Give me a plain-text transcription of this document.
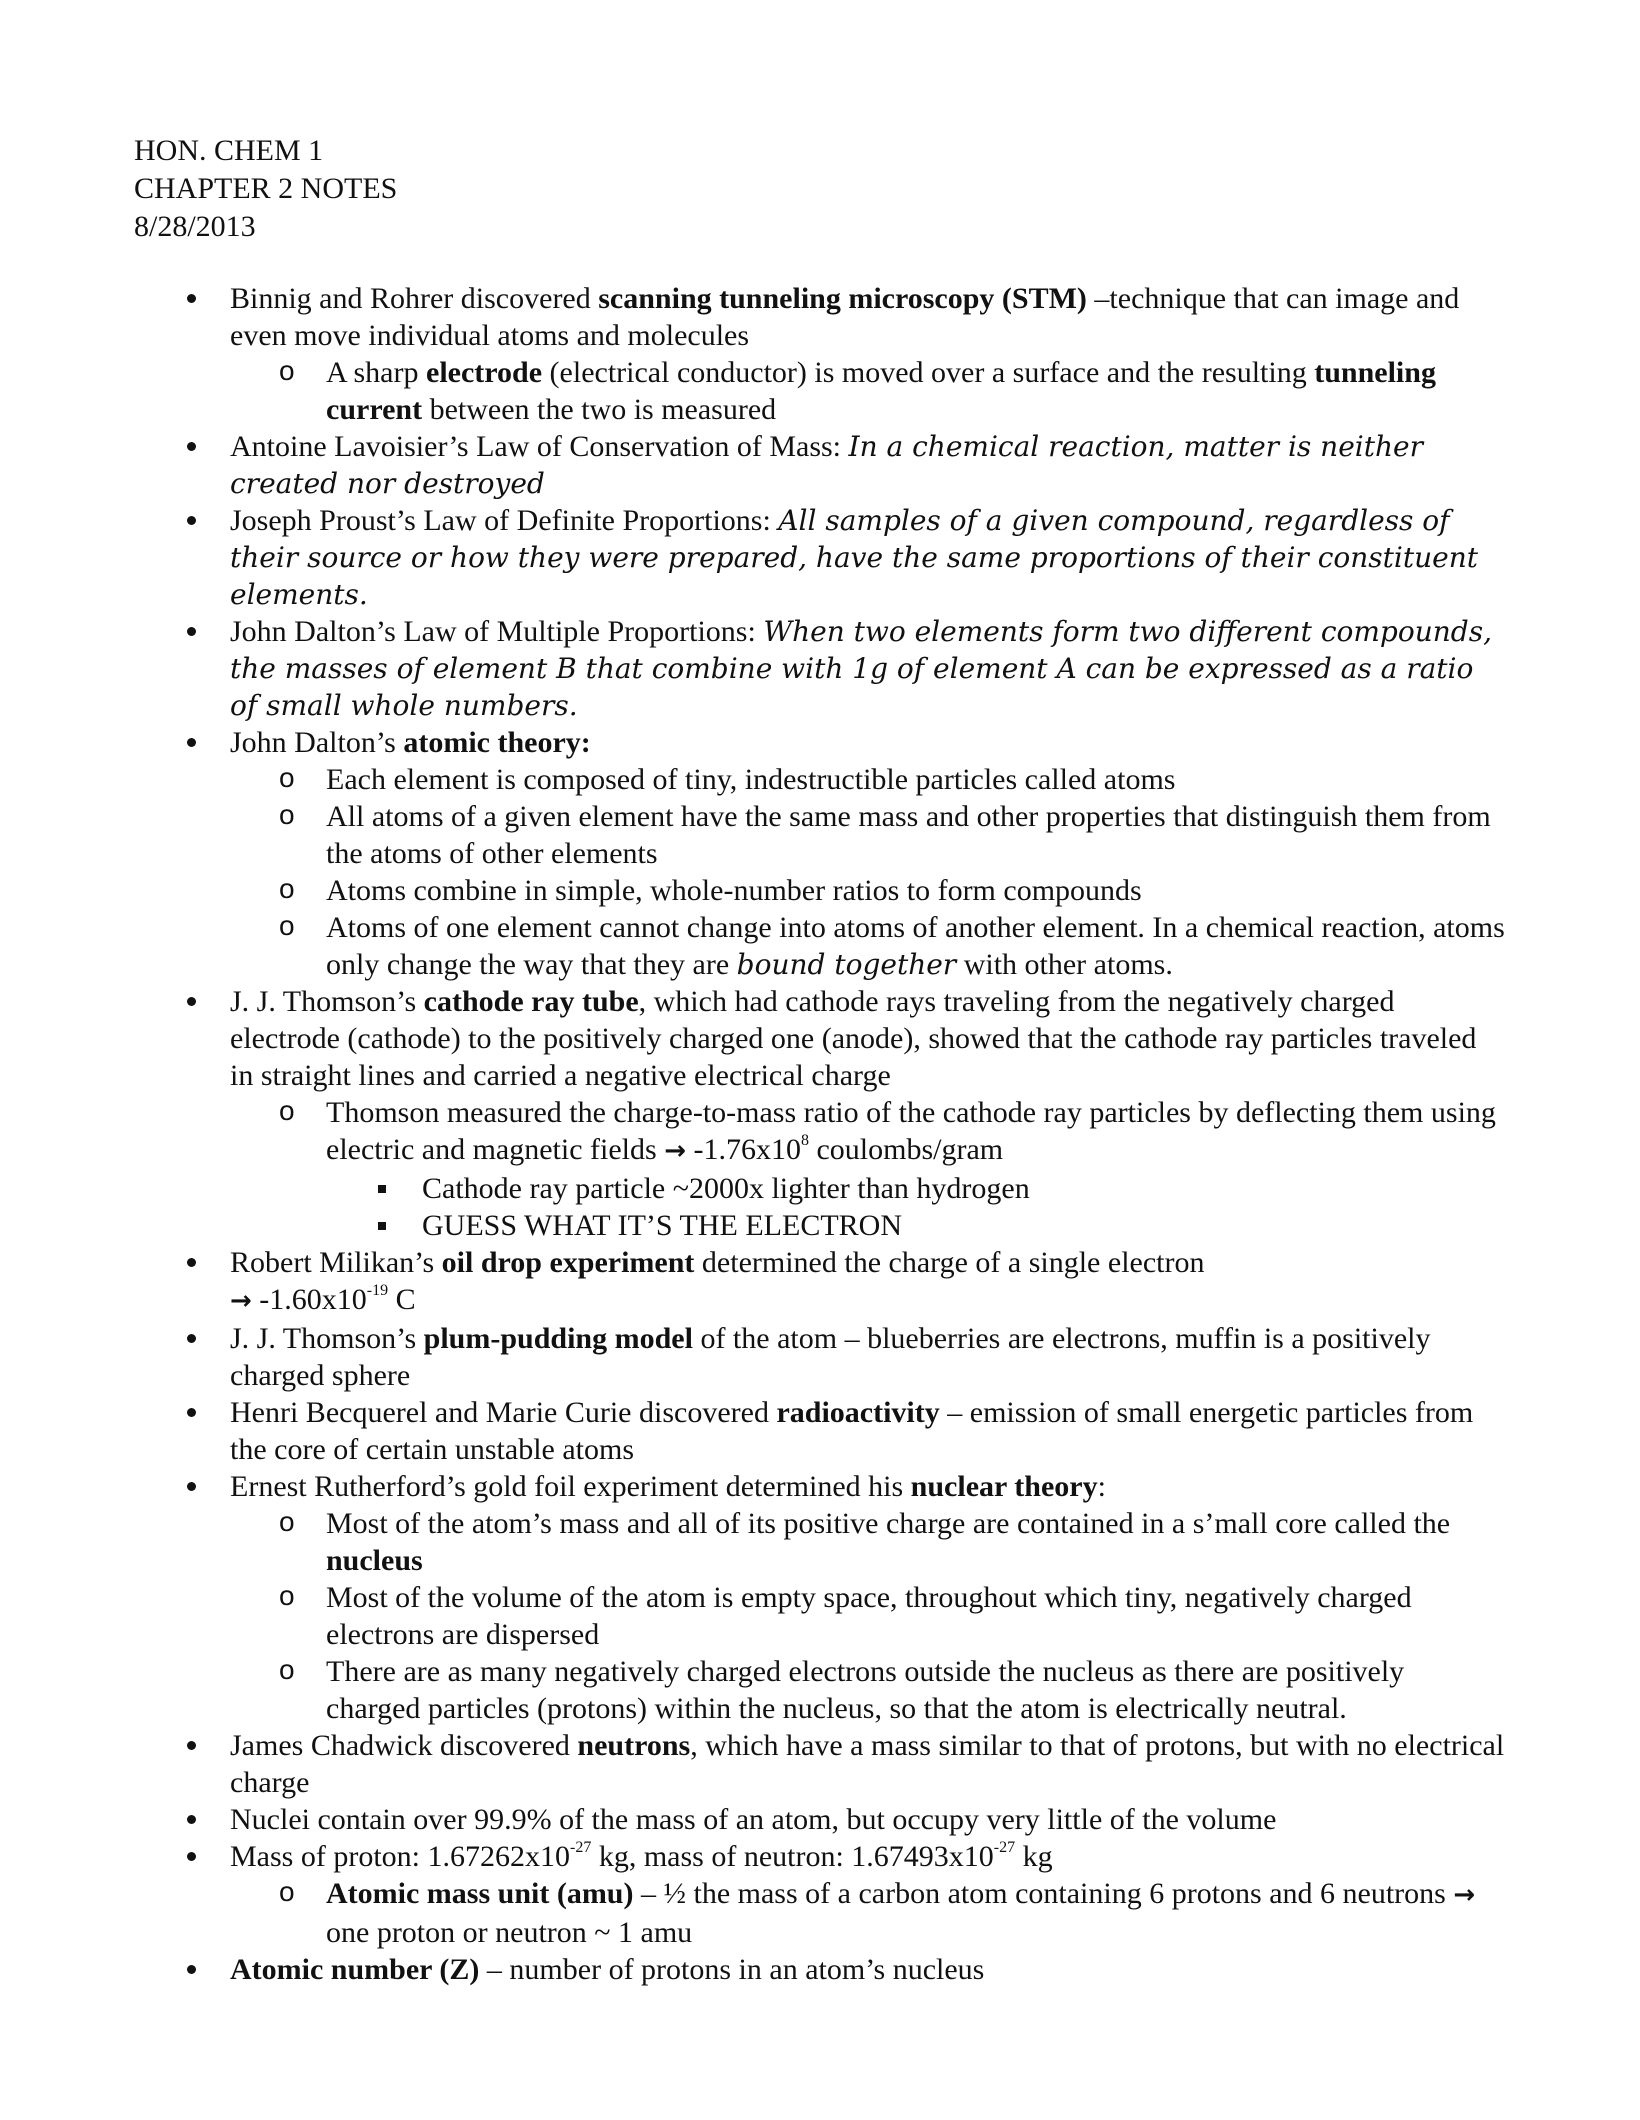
HON. CHEM 1
CHAPTER 2 NOTES
8/28/2013
Binnig and Rohrer discovered scanning tunneling microscopy (STM) –technique that can image and even move individual atoms and molecules
o A sharp electrode (electrical conductor) is moved over a surface and the resulting tunneling current between the two is measured
Antoine Lavoisier’s Law of Conservation of Mass: In a chemical reaction, matter is neither created nor destroyed
Joseph Proust’s Law of Definite Proportions: All samples of a given compound, regardless of their source or how they were prepared, have the same proportions of their constituent elements.
John Dalton’s Law of Multiple Proportions: When two elements form two different compounds, the masses of element B that combine with 1g of element A can be expressed as a ratio of small whole numbers.
John Dalton’s atomic theory:
o Each element is composed of tiny, indestructible particles called atoms
o All atoms of a given element have the same mass and other properties that distinguish them from the atoms of other elements
o Atoms combine in simple, whole-number ratios to form compounds
o Atoms of one element cannot change into atoms of another element. In a chemical reaction, atoms only change the way that they are bound together with other atoms.
J. J. Thomson’s cathode ray tube, which had cathode rays traveling from the negatively charged electrode (cathode) to the positively charged one (anode), showed that the cathode ray particles traveled in straight lines and carried a negative electrical charge
o Thomson measured the charge-to-mass ratio of the cathode ray particles by deflecting them using electric and magnetic fields → $-1.76x10^8$ coulombs/gram
Cathode ray particle ~2000x lighter than hydrogen
GUESS WHAT IT’S THE ELECTRON
Robert Milikan’s oil drop experiment determined the charge of a single electron
→ $-1.60x10^{-19}$ C
J. J. Thomson’s plum-pudding model of the atom – blueberries are electrons, muffin is a positively charged sphere
Henri Becquerel and Marie Curie discovered radioactivity – emission of small energetic particles from the core of certain unstable atoms
Ernest Rutherford’s gold foil experiment determined his nuclear theory:
o Most of the atom’s mass and all of its positive charge are contained in a s’mall core called the nucleus
o Most of the volume of the atom is empty space, throughout which tiny, negatively charged electrons are dispersed
o There are as many negatively charged electrons outside the nucleus as there are positively charged particles (protons) within the nucleus, so that the atom is electrically neutral.
James Chadwick discovered neutrons, which have a mass similar to that of protons, but with no electrical charge
Nuclei contain over 99.9% of the mass of an atom, but occupy very little of the volume
Mass of proton: $1.67262x10^{-27}$ kg, mass of neutron: $1.67493x10^{-27}$ kg
o Atomic mass unit (amu) – ½ the mass of a carbon atom containing 6 protons and 6 neutrons → one proton or neutron ~ 1 amu
Atomic number (Z) – number of protons in an atom’s nucleus
